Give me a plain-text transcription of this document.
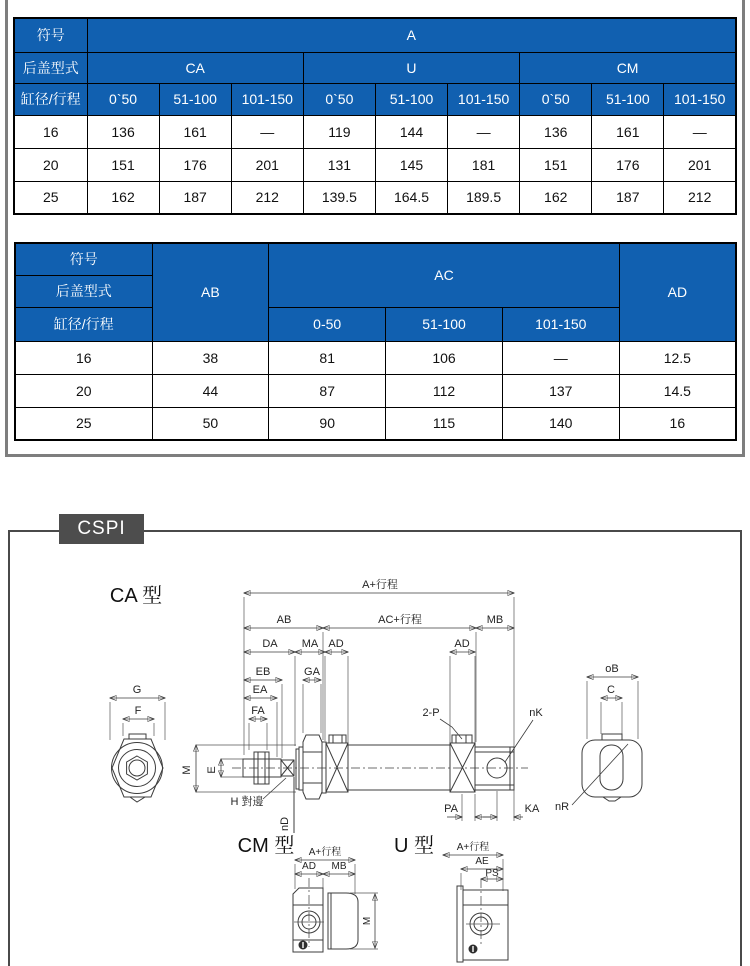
符号	A								
后盖型式	CA			U			CM		
缸径/行程	0`50	51-100	101-150	0`50	51-100	101-150	0`50	51-100	101-150
16	136	161	—	119	144	—	136	161	—
20	151	176	201	131	145	181	151	176	201
25	162	187	212	139.5	164.5	189.5	162	187	212
符号	AB	AC			AD
后盖型式					
缸径/行程		0-50	51-100	101-150	
16	38	81	106	—	12.5
20	44	87	112	137	14.5
25	50	90	115	140	16
CSPI
CA 型	A+行程
AB	AC+行程	MB
DA MA AD	AD
EB	GA
EA
FA
G
F
M E
H 對邊
nD
2-P	nK
PA	KA
oB
C
nR
CM 型 A+行程
AD MB
M
U 型 A+行程
AE
PS
